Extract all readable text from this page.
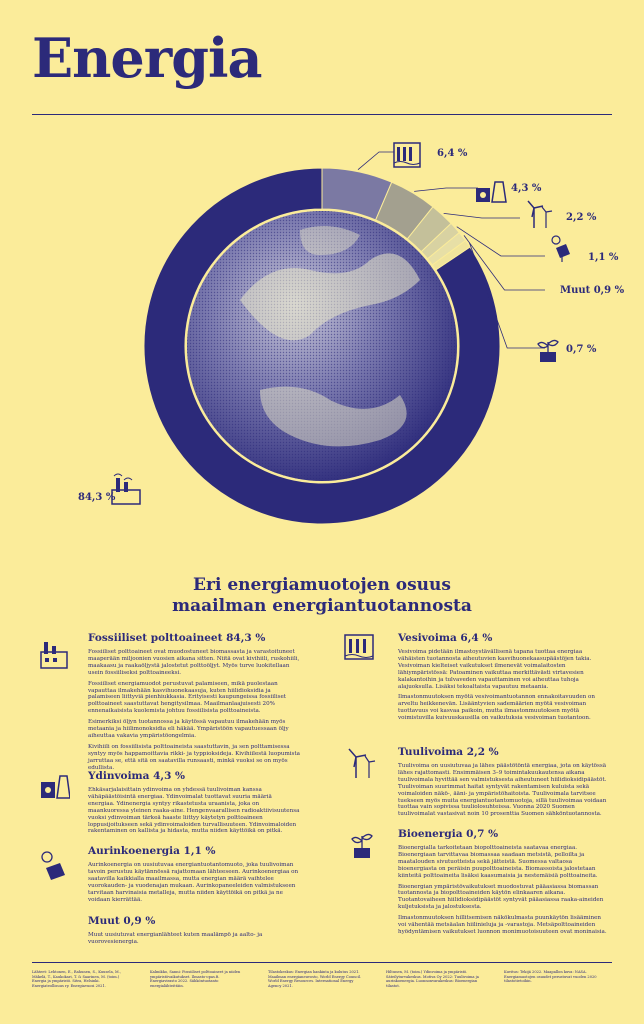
Energia
6,4 %
4,3 %
2,2 %
1,1 %
Muut 0,9 %
0,7 %
84,3 %
Eri energiamuotojen osuus
maailman energiantuotannosta
Fossiiliset polttoaineet 84,3 %

Fossiiliset polttoaineet ovat muodostuneet biomassasta ja varastoituneet maaperään miljoonien vuosien aikana sitten. Niitä ovat kivihiili, ruskohiili, maakaasu ja raakaöljystä jalostetut polttoöljyt. Myös turve luokitellaan usein fossiiliseksi polttoaineeksi.

Fossiiliset energiamuodot perustuvat palamiseen, mikä puolestaan vapauttaa ilmakehään kasvihuonekaasuja, kuten hiilidioksidia ja palamiseen liittyviä pienhiukkasia. Erityisesti kaupungeissa fossiiliset polttoaineet saastuttavat hengitysilmaa. Maailmanlaajuisesti 20% ennenaikaisista kuolemista johtuu fossiilisista polttoaineista.

Esimerkiksi öljyn tuotannossa ja käytössä vapautuu ilmakehään myös metaania ja hiilimonoksidia eli häkää. Ympäristöön vapautuessaan öljy aiheuttaa vakavia ympäristöongelmia.

Kivihiili on fossiilisista polttoaineista saastuttavin, ja sen polttamisessa syntyy myös happamoittavia rikki- ja typpioksideja. Kivihiilestä luopumista jarruttaa se, että sitä on saatavilla runsaasti, minkä vuoksi se on myös edullista.

Ydinvoima 4,3 %

Ehkäsarjalaisittain ydinvoima on yhdessä tuulivoiman kanssa vähäpäästöisintä energiaa. Ydinvoimalat tuottavat suuria määriä energiaa. Ydinenergia syntyy rikastetusta uraanista, joka on maankuoressa yleinen raaka-aine. Hengenvaarallisen radioaktiivisuutensa vuoksi ydinvoiman tärkeä haaste liittyy käytetyn polttoaineen loppusijoitukseen sekä ydinvoimaloiden turvallisuuteen. Ydinvoimaloiden rakentaminen on kallista ja hidasta, mutta niiden käyttöikä on pitkä.

Aurinkoenergia 1,1 %

Aurinkoenergia on uusiutuvaa energiantuotantomuoto, joka tuulivoiman tavoin perustuu käytännössä rajattomaan lähteeseen. Aurinkoenergiaa on saatavilla kaikkialla maailmassa, mutta energian määrä vaihtelee vuorokauden- ja vuodenajan mukaan. Aurinkopaneeleiden valmistukseen tarvitaan harvinaisia metalleja, mutta niiden käyttöikä on pitkä ja ne voidaan kierrättää.

Muut 0,9 %

Muut uusiutuvat energianlähteet kuten maalämpö ja aalto- ja vuorovesienergia.

Vesivoima 6,4 %

Vesivoima pidetään ilmastoystävällisenä tapana tuottaa energiaa vähäisten tuotannosta aiheutuvien kasvihuonekaasupäästöjen takia. Vesivoiman kielteiset vaikutukset ilmenevät voimalaitosten lähiympäristössä: Patoaminen vaikuttaa merkittävästi virtavesien kalakantoihin ja tulvaveden vapauttaminen voi aiheuttaa tuhoja alajuoksulla. Lisäksi tekoaltaista vapautuu metaania.

Ilmastonmuutoksen myötä vesivoimantuotannon ennakoitavuuden on arveltu heikkenevän. Lisääntyvien sademäärien myötä vesivoiman tuottavuus voi kasvaa paikoin, mutta ilmastonmuutoksen myötä voimistuvilla kuivuuskausilla on vaikutuksia vesivoiman tuotantoon.

Tuulivoima 2,2 %

Tuulivoima on uusiutuvaa ja lähes päästötöntä energiaa, jota on käytössä lähes rajattomasti. Ensimmäisen 3–9 toimintakuukautensa aikana tuulivoimala hyvittää sen valmistuksesta aiheutuneet hiilidioksidipäästöt. Tuulivoiman suurimmat haitat syntyvät rakentamisen kuluista sekä voimaloiden näkö-, ääni- ja ympäristöhaitoista. Tuulivoimala tarvitsee tuekseen myös muita energiantuotantomuotoja, sillä tuulivoimaa voidaan tuottaa vain sopivissa tuuliolosuhteissa. Vuonna 2020 Suomen tuulivoimalat vastasivat noin 10 prosenttia Suomen sähköntuotannosta.

Bioenergia 0,7 %

Bioenergialla tarkoitetaan biopolttoaineista saatavaa energiaa. Bioenergiaan tarvittavaa biomassaa saadaan metsistä, pelloilta ja maatalouden sivutuotteista sekä jätteistä. Suomessa valtaosa bioenergiasta on peräisin puupolttoaineista. Biomassoista jalostetaan kiinteitä polttoaineita lisäksi kaasumaisia ja nestemäisiä polttoaineita.

Bioenergian ympäristövaikutukset muodostuvat pääasiassa biomassan tuotannosta ja biopolttoaineiden käytön elinkaaren aikana. Tuotantovaiheen hiilidioksidipäästöt syntyvät pääasiassa raaka-aineiden kuljetuksista ja jalostuksesta.

Ilmastonmuutoksen hillitsemisen näkökulmasta puunkäytön lisääminen voi vähentää metsäalan hiilinieluja ja -varastoja. Metsäpolttoaineiden hyödyntämisen vaikutukset luonnon monimuotoisuuteen ovat moninaisia.

Lähteet: Lehtonen, E., Rahunen, S., Kuusela, M., Mäkelä, T., Kaukokari, T. & Saarinen, M. (toim.) Energia ja ympäristö. Sitra, Helsinki. Energiateollisuus ry. Energiavuosi 2021.
Kalmikko, Sanni: Fossiiliset polttoaineet ja niiden ympäristövaikutukset. Ilmasto-opas.fi. Energiavirasto 2022. Sähköntuotanto energialähteittäin.
Tilastokeskus: Energian hankinta ja kulutus 2021. Maailman energianeuvosto, World Energy Council. World Energy Resources. International Energy Agency 2021.
Hiltunen, M. (toim.) Ydinvoima ja ympäristö. Säteilyturvakeskus. Motiva Oy 2022: Tuulivoima ja aurinkoenergia. Luonnonvarakeskus: Bioenergian tilastot.
Kuvitus: Tekijä 2022. Maapallon kuva: NASA. Energiamuotojen osuudet perustuvat vuoden 2020 tilastotietoihin.
